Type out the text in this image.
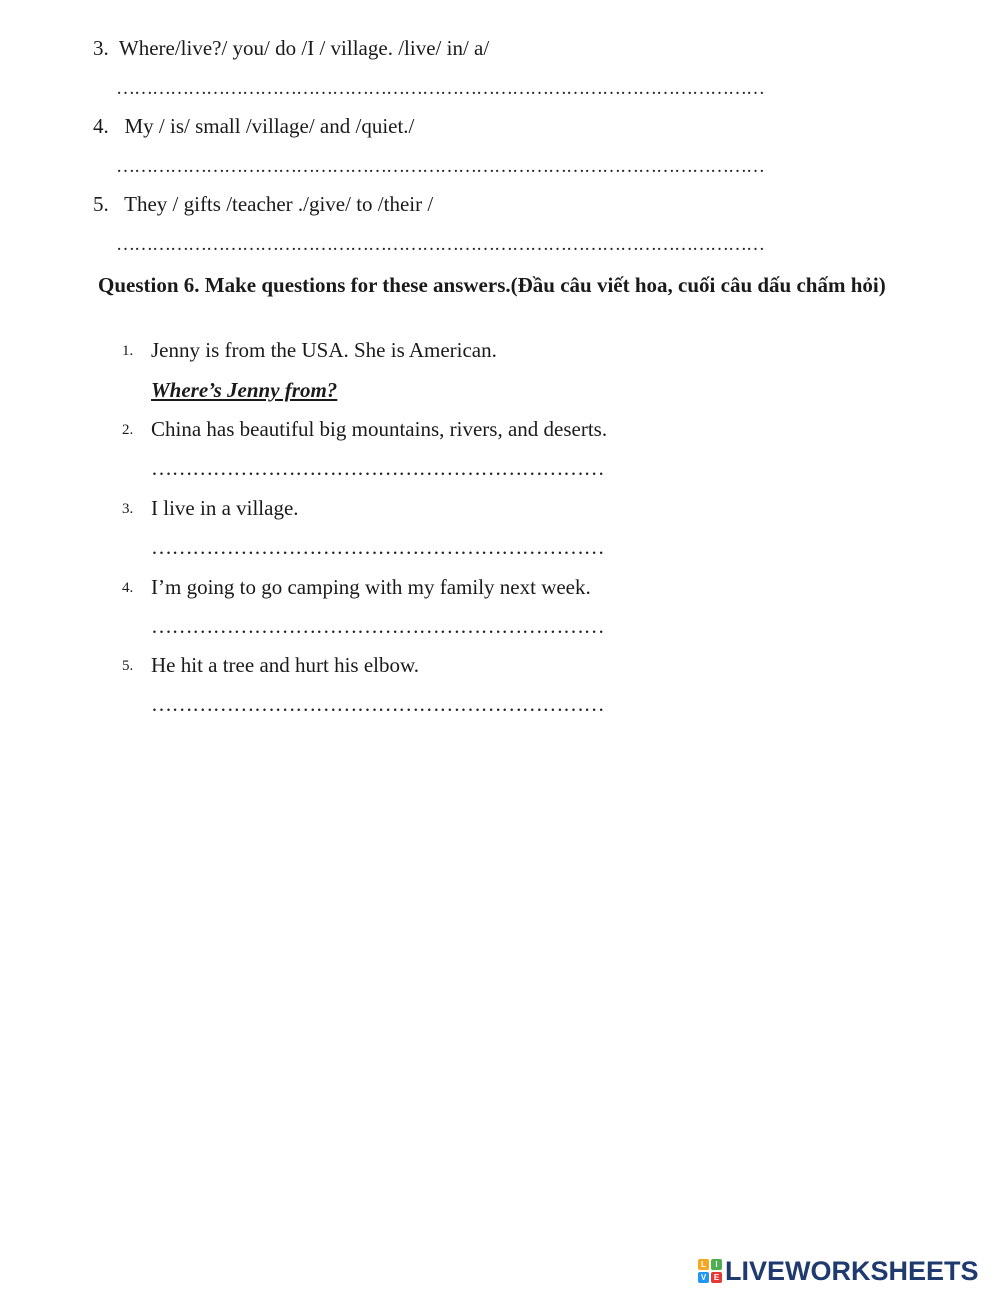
3. Where/live?/ you/ do /I / village. /live/ in/ a/
………………………………………………………………………………………………
4. My / is/ small /village/ and /quiet./
………………………………………………………………………………………………
5. They / gifts /teacher ./give/ to /their /
………………………………………………………………………………………………
Question 6. Make questions for these answers.(Đầu câu viết hoa, cuối câu dấu chấm hỏi)
1. Jenny is from the USA. She is American.
Where’s Jenny from?
2. China has beautiful big mountains, rivers, and deserts.
…………………………………………………………
3. I live in a village.
…………………………………………………………
4. I’m going to go camping with my family next week.
…………………………………………………………
5. He hit a tree and hurt his elbow.
…………………………………………………………
L	I
V E LIVEWORKSHEETS
